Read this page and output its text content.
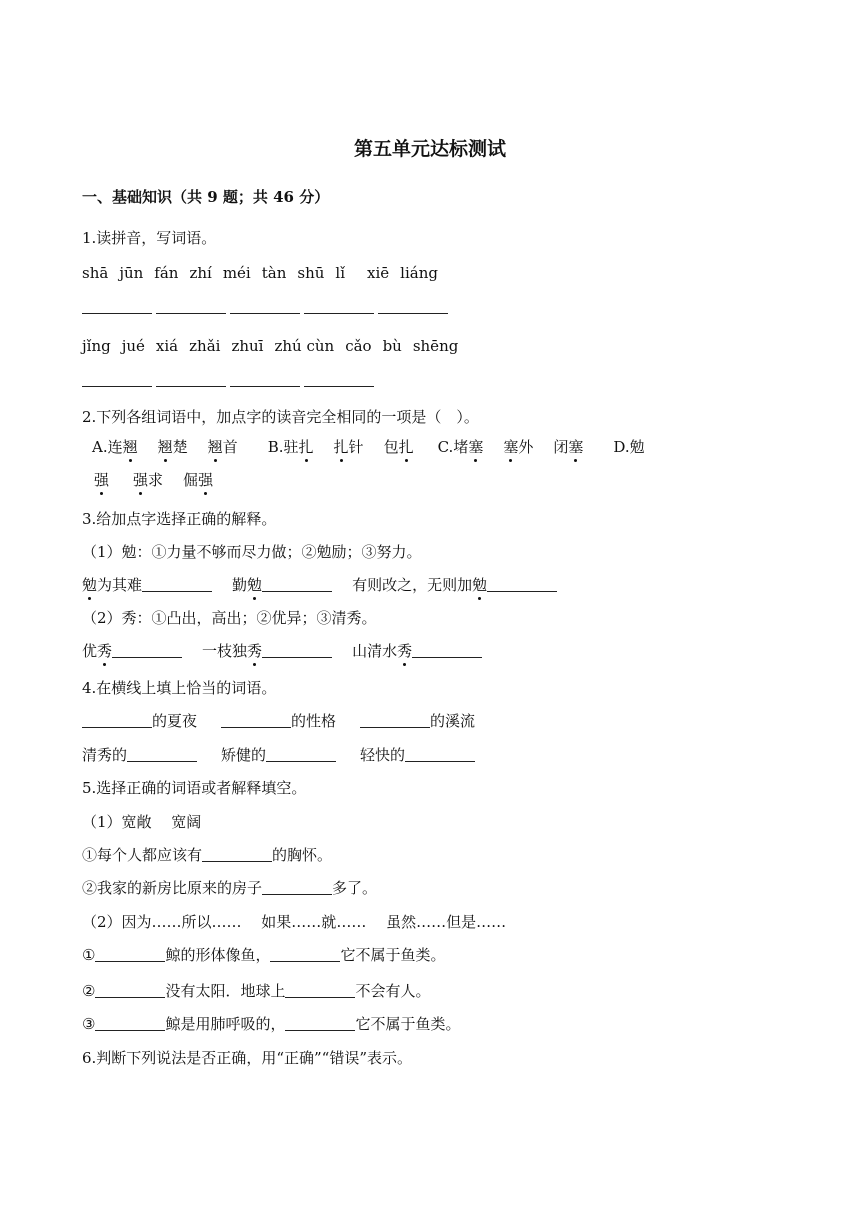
第五单元达标测试
一、基础知识（共 9 题；共 46 分）
1.读拼音，写词语。
shā jūn fán zhí méi tàn shū lǐ xiē liáng
jǐng jué xiá zhǎi zhuī zhú cùn cǎo bù shēng
2.下列各组词语中，加点字的读音完全相同的一项是（　）。
A.连翘 翘楚 翘首 B.驻扎 扎针 包扎 C.堵塞 塞外 闭塞 D.勉
强 强求 倔强
3.给加点字选择正确的解释。
（1）勉：①力量不够而尽力做；②勉励；③努力。
勉为其难	勤勉	有则改之，无则加勉
（2）秀：①凸出，高出；②优异；③清秀。
优秀	一枝独秀	山清水秀
4.在横线上填上恰当的词语。
的夏夜	的性格	的溪流
清秀的	矫健的	轻快的
5.选择正确的词语或者解释填空。
（1）宽敞　 宽阔
①每个人都应该有	的胸怀。
②我家的新房比原来的房子	多了。
（2）因为……所以……　 如果……就……　 虽然……但是……
①	鲸的形体像鱼，	它不属于鱼类。
②	没有太阳．地球上	不会有人。
③	鲸是用肺呼吸的，	它不属于鱼类。
6.判断下列说法是否正确，用“正确”“错误”表示。
